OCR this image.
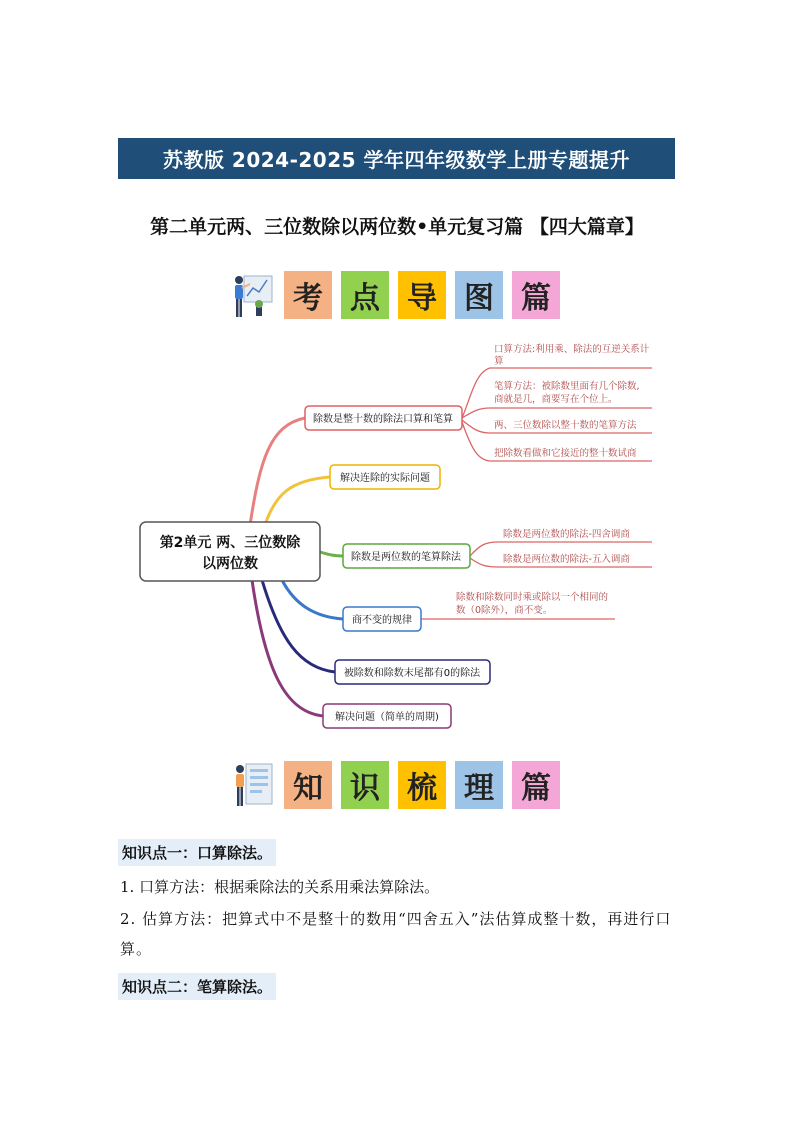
苏教版 2024-2025 学年四年级数学上册专题提升
第二单元两、三位数除以两位数•单元复习篇 【四大篇章】
考 点 导 图 篇
第2单元 两、三位数除
以两位数
除数是整十数的除法口算和笔算
解决连除的实际问题
除数是两位数的笔算除法
商不变的规律
被除数和除数末尾都有0的除法
解决问题（简单的周期)
口算方法:利用乘、除法的互逆关系计
算
笔算方法：被除数里面有几个除数,
商就是几，商要写在个位上。
两、三位数除以整十数的笔算方法
把除数看做和它接近的整十数试商
除数是两位数的除法-四舍调商
除数是两位数的除法-五入调商
除数和除数同时乘或除以一个相同的
数（0除外），商不变。
知 识 梳 理 篇
知识点一：口算除法。
1. 口算方法：根据乘除法的关系用乘法算除法。
2. 估算方法：把算式中不是整十的数用“四舍五入”法估算成整十数，再进行口算。
知识点二：笔算除法。
